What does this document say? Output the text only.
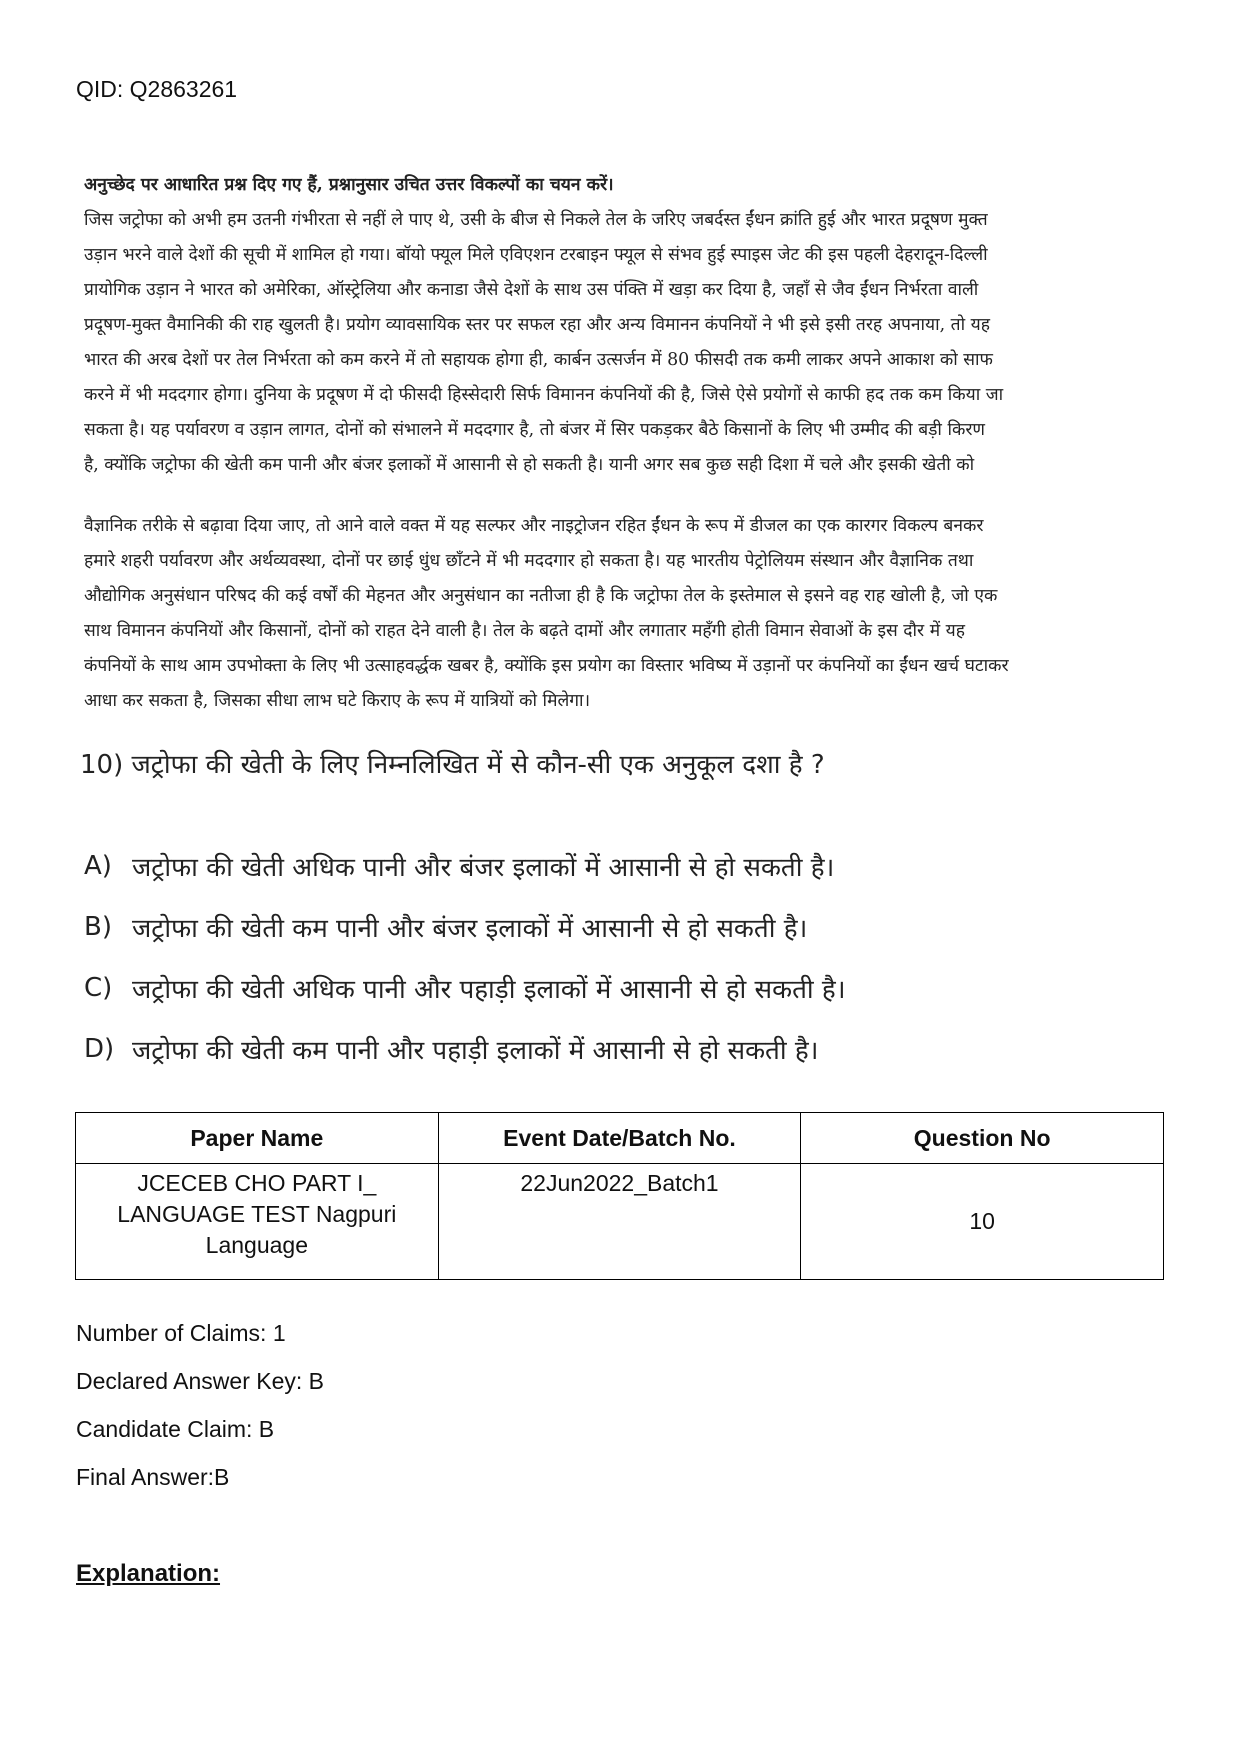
QID: Q2863261
अनुच्छेद पर आधारित प्रश्न दिए गए हैं, प्रश्नानुसार उचित उत्तर विकल्पों का चयन करें।
जिस जट्रोफा को अभी हम उतनी गंभीरता से नहीं ले पाए थे, उसी के बीज से निकले तेल के जरिए जबर्दस्त ईंधन क्रांति हुई और भारत प्रदूषण मुक्त
उड़ान भरने वाले देशों की सूची में शामिल हो गया। बॉयो फ्यूल मिले एविएशन टरबाइन फ्यूल से संभव हुई स्पाइस जेट की इस पहली देहरादून-दिल्ली
प्रायोगिक उड़ान ने भारत को अमेरिका, ऑस्ट्रेलिया और कनाडा जैसे देशों के साथ उस पंक्ति में खड़ा कर दिया है, जहाँ से जैव ईंधन निर्भरता वाली
प्रदूषण-मुक्त वैमानिकी की राह खुलती है। प्रयोग व्यावसायिक स्तर पर सफल रहा और अन्य विमानन कंपनियों ने भी इसे इसी तरह अपनाया, तो यह
भारत की अरब देशों पर तेल निर्भरता को कम करने में तो सहायक होगा ही, कार्बन उत्सर्जन में 80 फीसदी तक कमी लाकर अपने आकाश को साफ
करने में भी मददगार होगा। दुनिया के प्रदूषण में दो फीसदी हिस्सेदारी सिर्फ विमानन कंपनियों की है, जिसे ऐसे प्रयोगों से काफी हद तक कम किया जा
सकता है। यह पर्यावरण व उड़ान लागत, दोनों को संभालने में मददगार है, तो बंजर में सिर पकड़कर बैठे किसानों के लिए भी उम्मीद की बड़ी किरण
है, क्योंकि जट्रोफा की खेती कम पानी और बंजर इलाकों में आसानी से हो सकती है। यानी अगर सब कुछ सही दिशा में चले और इसकी खेती को
वैज्ञानिक तरीके से बढ़ावा दिया जाए, तो आने वाले वक्त में यह सल्फर और नाइट्रोजन रहित ईंधन के रूप में डीजल का एक कारगर विकल्प बनकर
हमारे शहरी पर्यावरण और अर्थव्यवस्था, दोनों पर छाई धुंध छाँटने में भी मददगार हो सकता है। यह भारतीय पेट्रोलियम संस्थान और वैज्ञानिक तथा
औद्योगिक अनुसंधान परिषद की कई वर्षों की मेहनत और अनुसंधान का नतीजा ही है कि जट्रोफा तेल के इस्तेमाल से इसने वह राह खोली है, जो एक
साथ विमानन कंपनियों और किसानों, दोनों को राहत देने वाली है। तेल के बढ़ते दामों और लगातार महँगी होती विमान सेवाओं के इस दौर में यह
कंपनियों के साथ आम उपभोक्ता के लिए भी उत्साहवर्द्धक खबर है, क्योंकि इस प्रयोग का विस्तार भविष्य में उड़ानों पर कंपनियों का ईंधन खर्च घटाकर
आधा कर सकता है, जिसका सीधा लाभ घटे किराए के रूप में यात्रियों को मिलेगा।
10) जट्रोफा की खेती के लिए निम्नलिखित में से कौन-सी एक अनुकूल दशा है ?
A) जट्रोफा की खेती अधिक पानी और बंजर इलाकों में आसानी से हो सकती है।
B) जट्रोफा की खेती कम पानी और बंजर इलाकों में आसानी से हो सकती है।
C) जट्रोफा की खेती अधिक पानी और पहाड़ी इलाकों में आसानी से हो सकती है।
D) जट्रोफा की खेती कम पानी और पहाड़ी इलाकों में आसानी से हो सकती है।
Paper Name	Event Date/Batch No.	Question No

JCECEB CHO PART I_
LANGUAGE TEST Nagpuri
Language	22Jun2022_Batch1	10
Number of Claims: 1
Declared Answer Key: B
Candidate Claim: B
Final Answer:B
Explanation:
